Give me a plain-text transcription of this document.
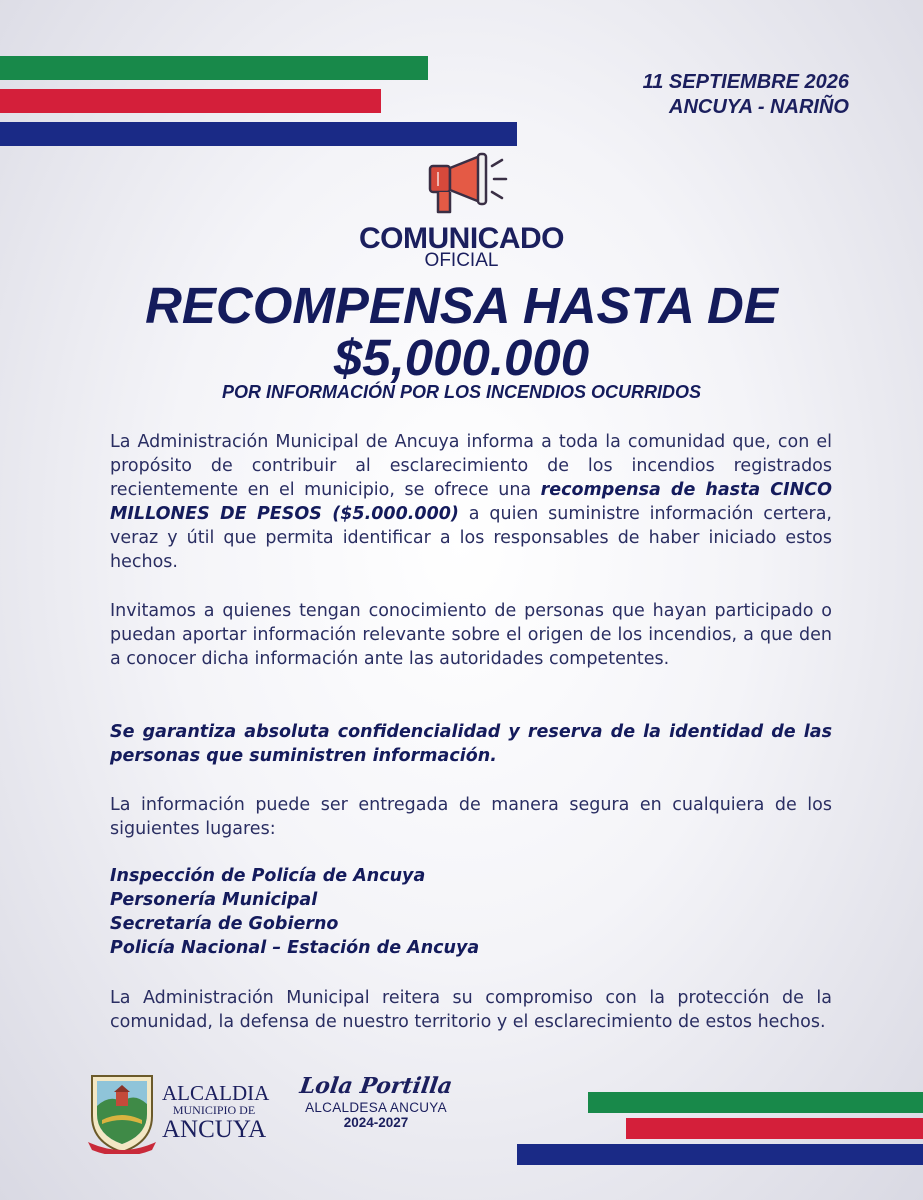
11 SEPTIEMBRE 2026
ANCUYA - NARIÑO
COMUNICADO
OFICIAL
RECOMPENSA HASTA DE
$5,000.000
POR INFORMACIÓN POR LOS INCENDIOS OCURRIDOS

La Administración Municipal de Ancuya informa a toda la comunidad que, con el propósito de contribuir al esclarecimiento de los incendios registrados recientemente en el municipio, se ofrece una recompensa de hasta CINCO MILLONES DE PESOS ($5.000.000) a quien suministre información certera, veraz y útil que permita identificar a los responsables de haber iniciado estos hechos.

Invitamos a quienes tengan conocimiento de personas que hayan participado o puedan aportar información relevante sobre el origen de los incendios, a que den a conocer dicha información ante las autoridades competentes.

Se garantiza absoluta confidencialidad y reserva de la identidad de las personas que suministren información.

La información puede ser entregada de manera segura en cualquiera de los siguientes lugares:

Inspección de Policía de Ancuya
Personería Municipal
Secretaría de Gobierno
Policía Nacional – Estación de Ancuya

La Administración Municipal reitera su compromiso con la protección de la comunidad, la defensa de nuestro territorio y el esclarecimiento de estos hechos.

ALCALDIA
MUNICIPIO DE
ANCUYA
Lola Portilla
ALCALDESA ANCUYA
2024-2027
